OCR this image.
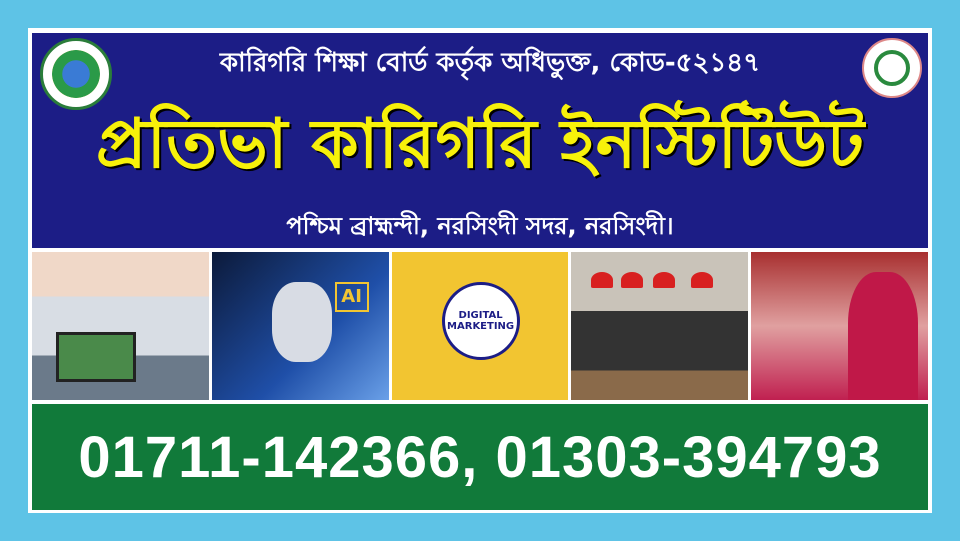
কারিগরি শিক্ষা বোর্ড কর্তৃক অধিভুক্ত, কোড-৫২১৪৭
প্রতিভা কারিগরি ইনস্টিটিউট
পশ্চিম ব্রাহ্মন্দী, নরসিংদী সদর, নরসিংদী।
AI
DIGITAL MARKETING
01711-142366, 01303-394793
